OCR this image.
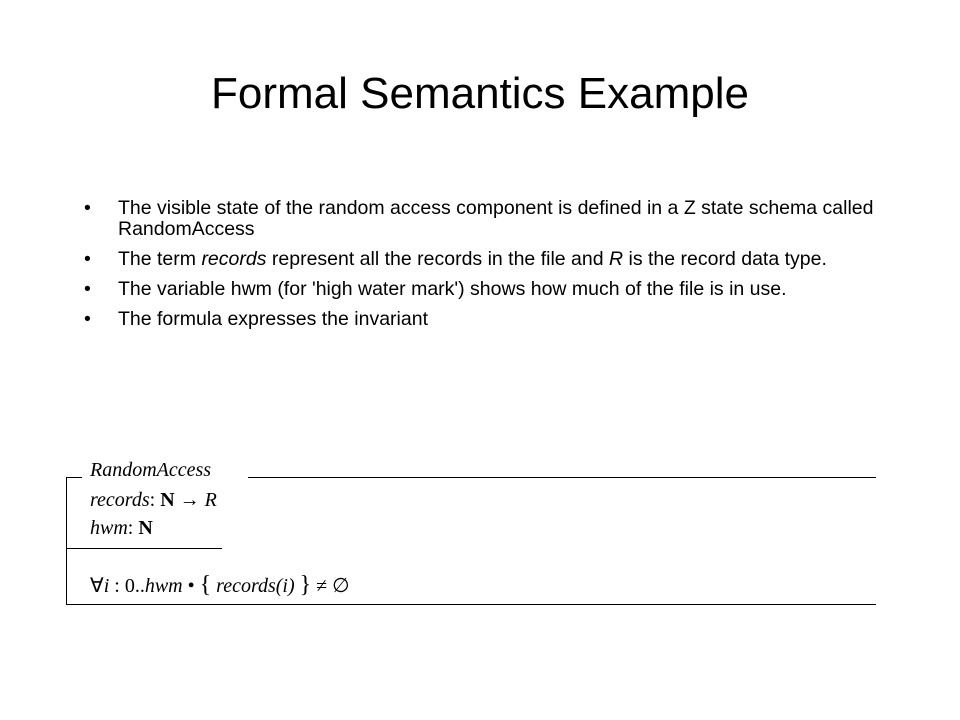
Formal Semantics Example
• The visible state of the random access component is defined in a Z state schema called RandomAccess
• The term records represent all the records in the file and R is the record data type.
• The variable hwm (for 'high water mark') shows how much of the file is in use.
• The formula expresses the invariant
RandomAccess
records: N → R
hwm: N
∀i : 0..hwm • { records(i) } ≠ ∅
